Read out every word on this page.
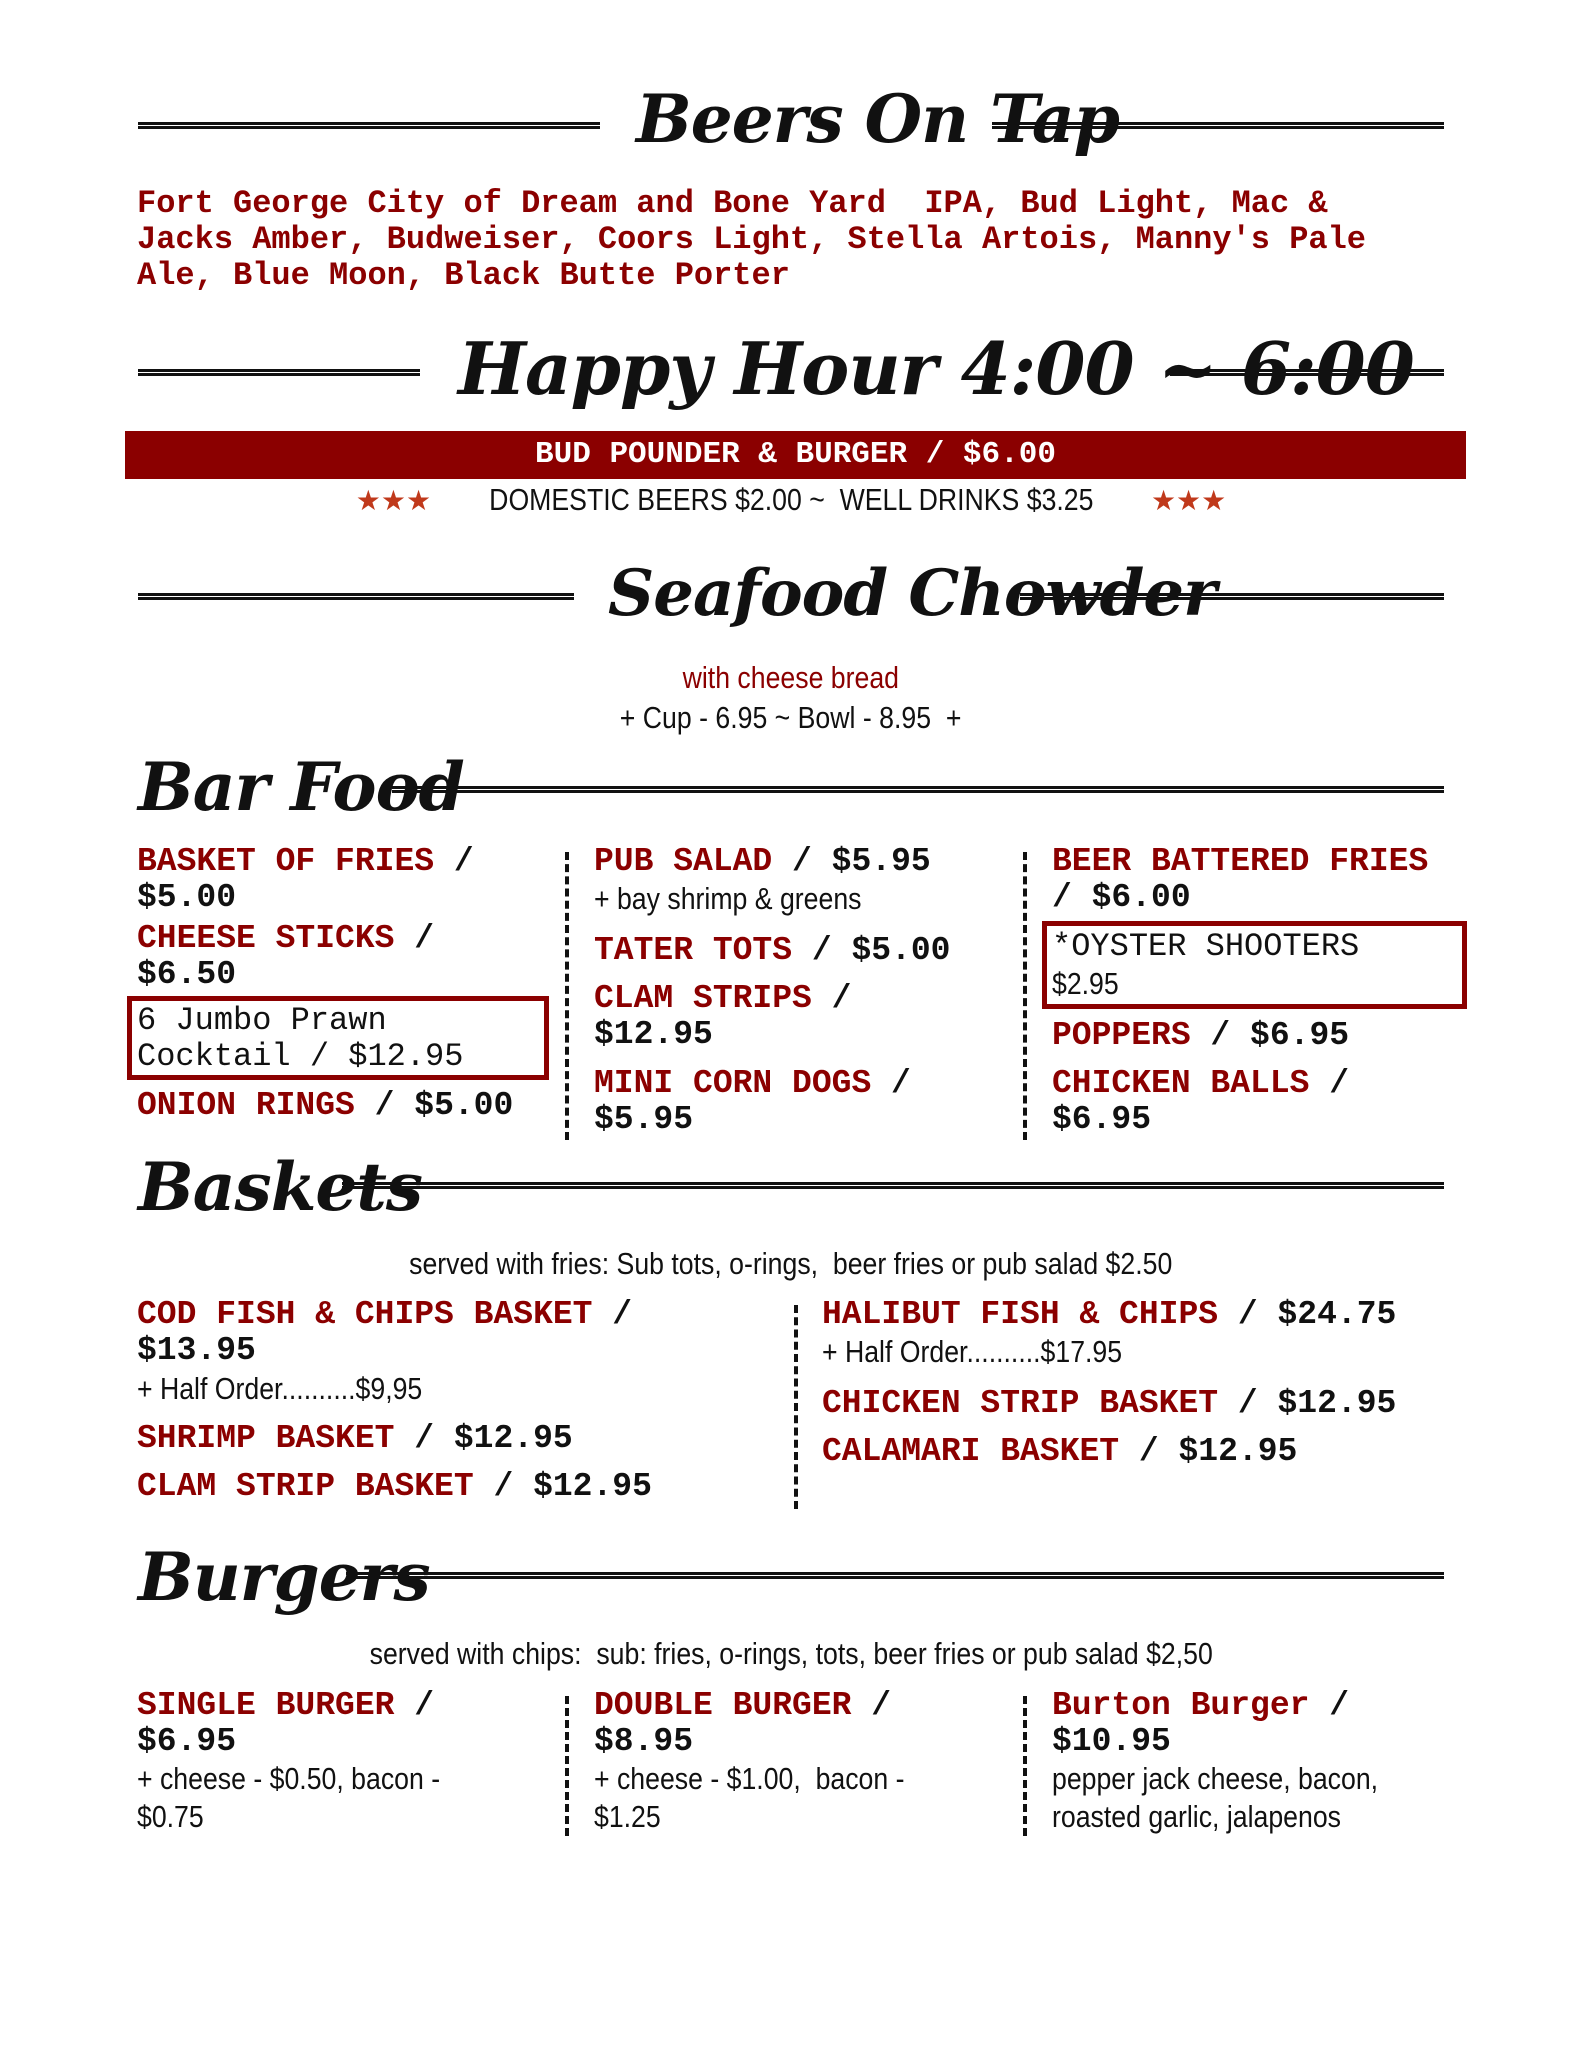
Beers On Tap
Fort George City of Dream and Bone Yard  IPA, Bud Light, Mac &
Jacks Amber, Budweiser, Coors Light, Stella Artois, Manny's Pale
Ale, Blue Moon, Black Butte Porter
Happy Hour 4:00 ~ 6:00
BUD POUNDER & BURGER / $6.00
★★★ DOMESTIC BEERS $2.00 ~  WELL DRINKS $3.25 ★★★
Seafood Chowder
with cheese bread
+ Cup - 6.95 ~ Bowl - 8.95  +
Bar Food
BASKET OF FRIES /
$5.00
CHEESE STICKS /
$6.50
6 Jumbo Prawn
Cocktail / $12.95
ONION RINGS / $5.00
PUB SALAD / $5.95
+ bay shrimp & greens
TATER TOTS / $5.00
CLAM STRIPS /
$12.95
MINI CORN DOGS /
$5.95
BEER BATTERED FRIES
/ $6.00
*OYSTER SHOOTERS
$2.95
POPPERS / $6.95
CHICKEN BALLS /
$6.95
Baskets
served with fries: Sub tots, o-rings,  beer fries or pub salad $2.50
COD FISH & CHIPS BASKET /
$13.95
+ Half Order..........$9,95
SHRIMP BASKET / $12.95
CLAM STRIP BASKET / $12.95
HALIBUT FISH & CHIPS / $24.75
+ Half Order..........$17.95
CHICKEN STRIP BASKET / $12.95
CALAMARI BASKET / $12.95
Burgers
served with chips:  sub: fries, o-rings, tots, beer fries or pub salad $2,50
SINGLE BURGER /
$6.95
+ cheese - $0.50, bacon -
$0.75
DOUBLE BURGER /
$8.95
+ cheese - $1.00,  bacon -
$1.25
Burton Burger /
$10.95
pepper jack cheese, bacon,
roasted garlic, jalapenos
